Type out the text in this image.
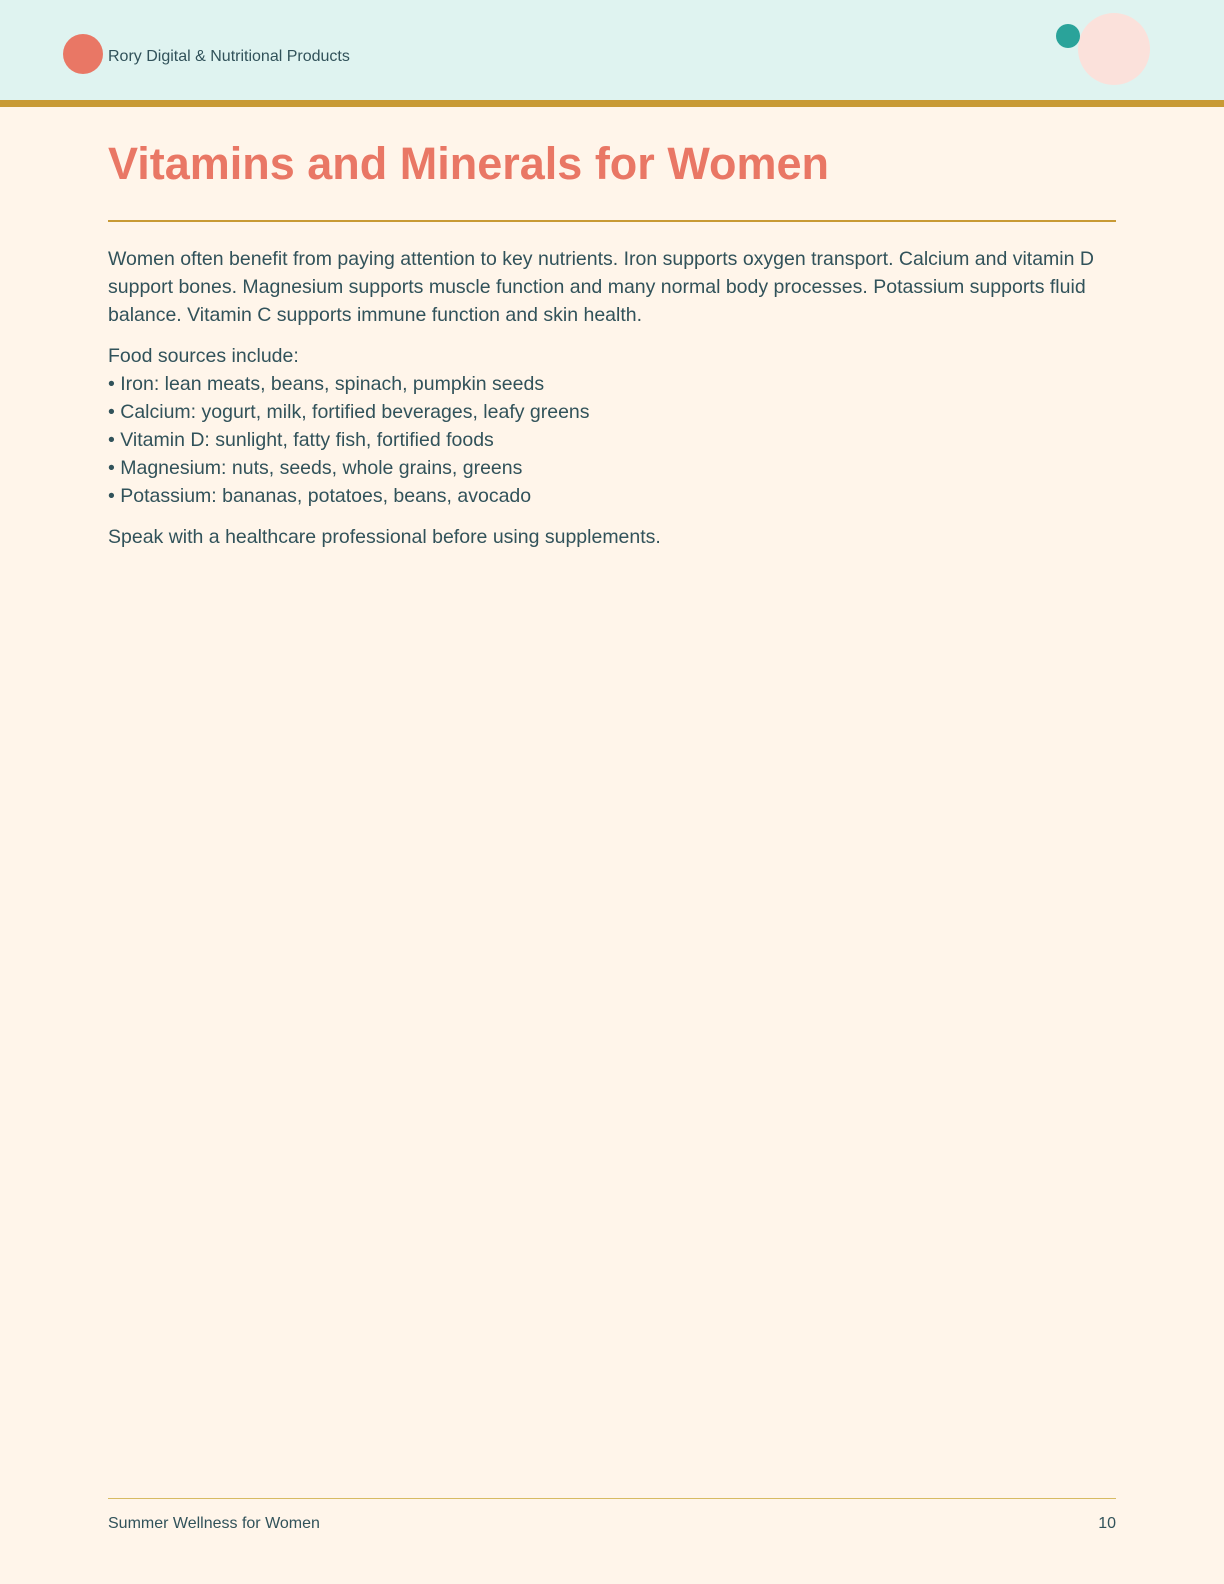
Rory Digital & Nutritional Products
Vitamins and Minerals for Women

Women often benefit from paying attention to key nutrients. Iron supports oxygen transport. Calcium and vitamin D support bones. Magnesium supports muscle function and many normal body processes. Potassium supports fluid balance. Vitamin C supports immune function and skin health.

Food sources include:
• Iron: lean meats, beans, spinach, pumpkin seeds
• Calcium: yogurt, milk, fortified beverages, leafy greens
• Vitamin D: sunlight, fatty fish, fortified foods
• Magnesium: nuts, seeds, whole grains, greens
• Potassium: bananas, potatoes, beans, avocado

Speak with a healthcare professional before using supplements.

Summer Wellness for Women	10
